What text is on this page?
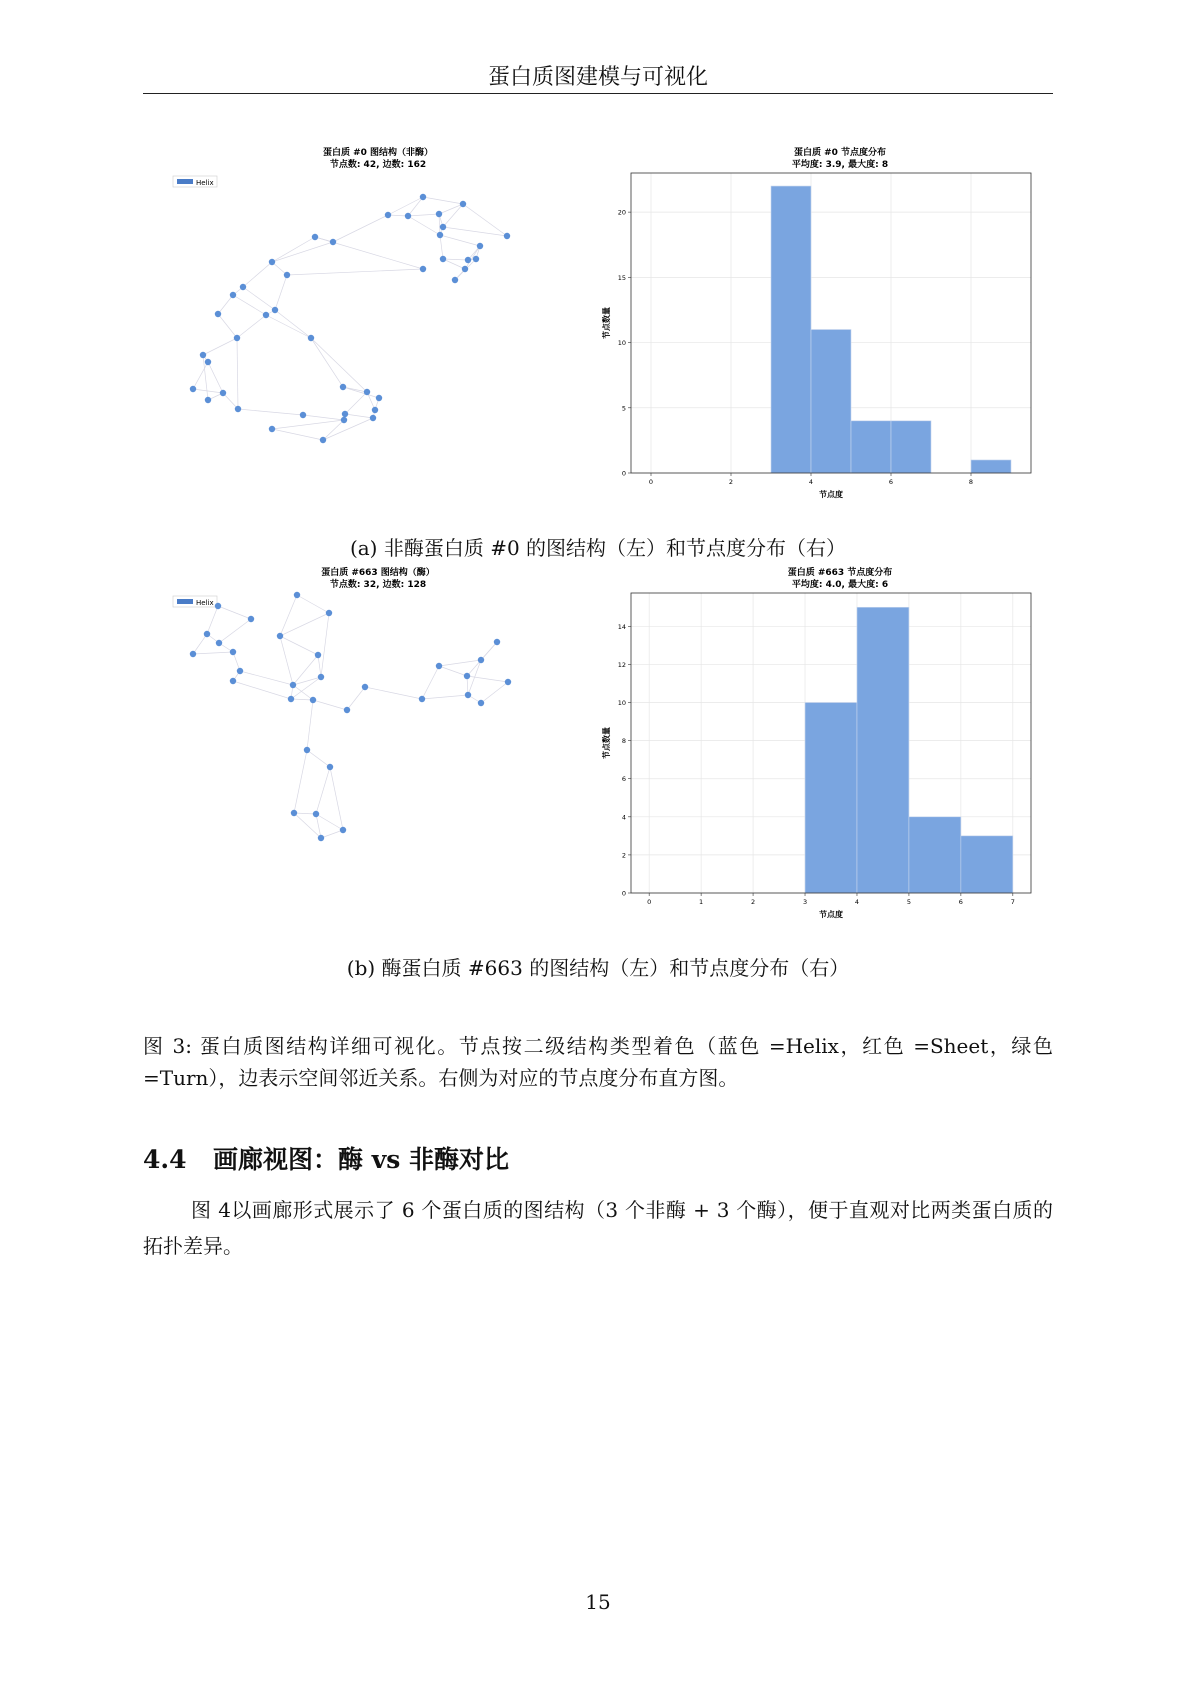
蛋白质图建模与可视化
蛋白质 #0 图结构（非酶）
节点数: 42, 边数: 162
Helix
蛋白质 #0 节点度分布
平均度: 3.9, 最大度: 8
0	2	4	6	8
0
5
10
15
20
节点度
节点数量
(a) 非酶蛋白质 #0 的图结构（左）和节点度分布（右）
蛋白质 #663 图结构（酶）
节点数: 32, 边数: 128
Helix
蛋白质 #663 节点度分布
平均度: 4.0, 最大度: 6
0	1	2	3	4	5	6	7
0
2
4
6
8
10
12
14
节点度
节点数量
(b) 酶蛋白质 #663 的图结构（左）和节点度分布（右）
图 3: 蛋白质图结构详细可视化。节点按二级结构类型着色（蓝色 =Helix，红色 =Sheet，绿色 =Turn），边表示空间邻近关系。右侧为对应的节点度分布直方图。
4.4 画廊视图：酶 vs 非酶对比
图 4以画廊形式展示了 6 个蛋白质的图结构（3 个非酶 + 3 个酶），便于直观对比两类蛋白质的拓扑差异。
15
